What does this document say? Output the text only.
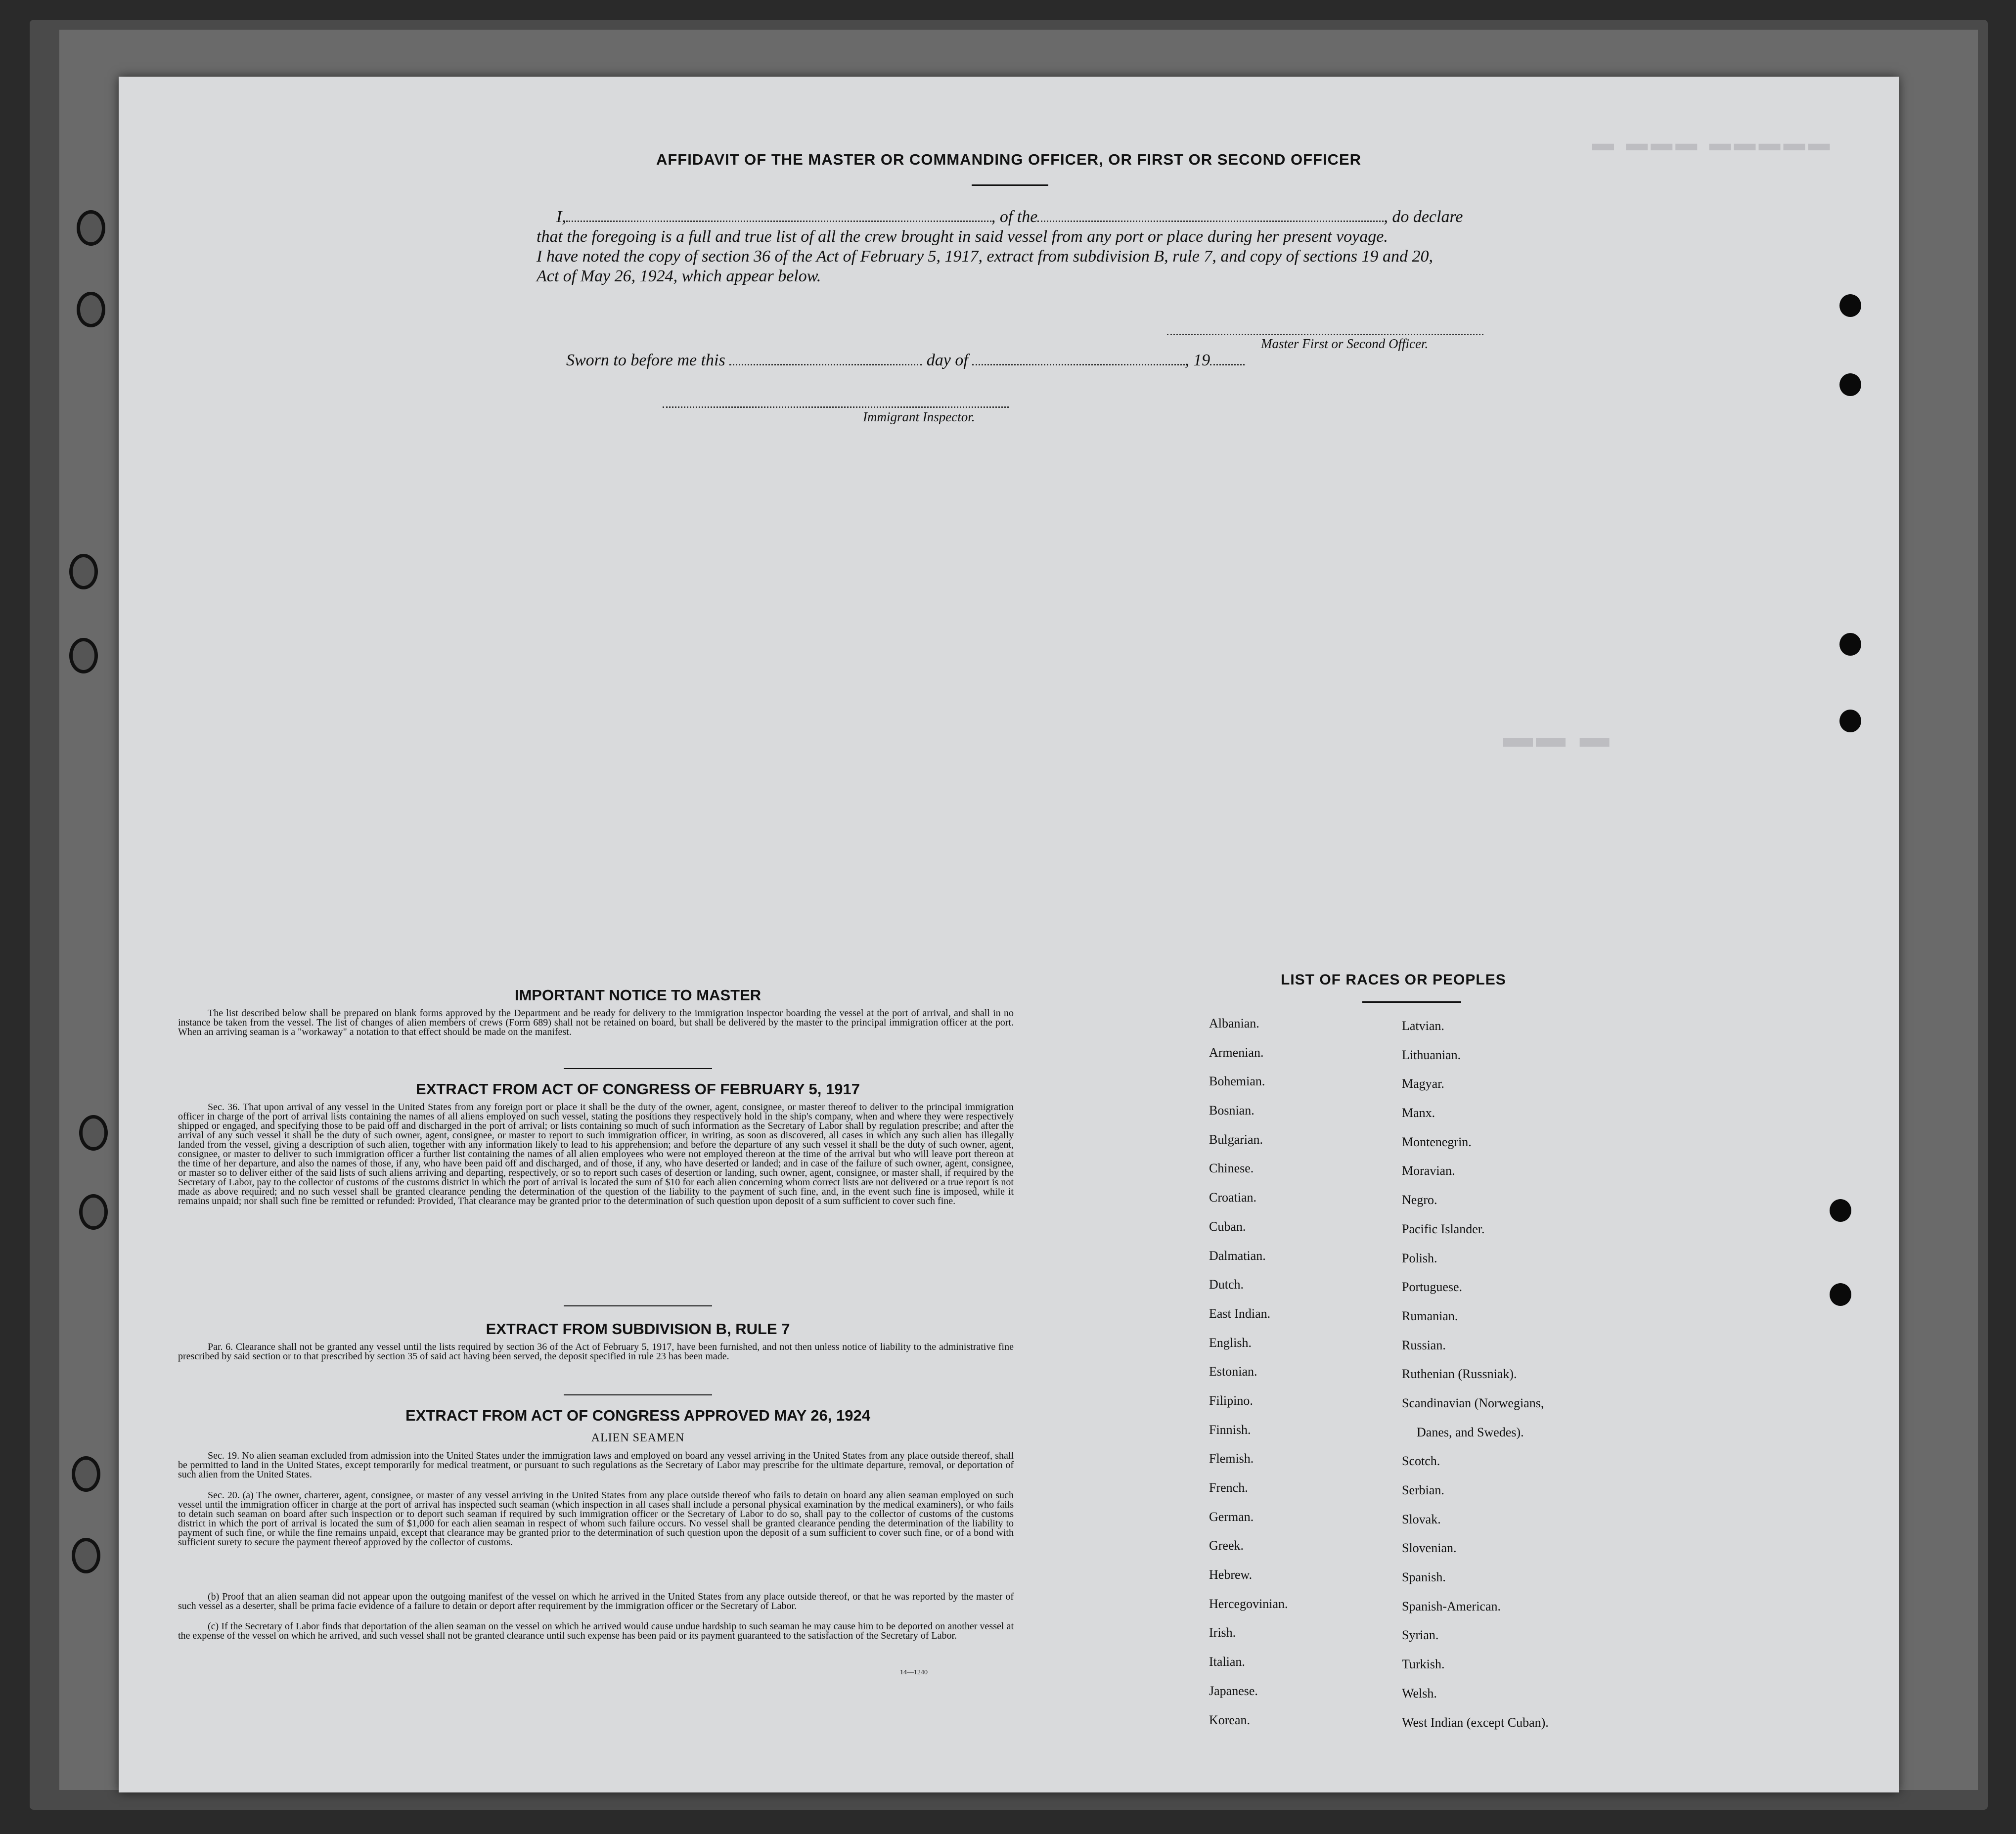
▬ ▬▬▬ ▬▬▬▬▬
▬▬ ▬
AFFIDAVIT OF THE MASTER OR COMMANDING OFFICER, OR FIRST OR SECOND OFFICER
I,	, of the	, do declare
that the foregoing is a full and true list of all the crew brought in said vessel from any port or place during her present voyage.
I have noted the copy of section 36 of the Act of February 5, 1917, extract from subdivision B, rule 7, and copy of sections 19 and 20,
Act of May 26, 1924, which appear below.
Master First or Second Officer.
Sworn to before me this	day of	, 19
Immigrant Inspector.
IMPORTANT NOTICE TO MASTER

The list described below shall be prepared on blank forms approved by the Department and be ready for delivery to the immigration inspector boarding the vessel at the port of arrival, and shall in no instance be taken from the vessel. The list of changes of alien members of crews (Form 689) shall not be retained on board, but shall be delivered by the master to the principal immigration officer at the port. When an arriving seaman is a "workaway" a notation to that effect should be made on the manifest.

EXTRACT FROM ACT OF CONGRESS OF FEBRUARY 5, 1917

Sec. 36. That upon arrival of any vessel in the United States from any foreign port or place it shall be the duty of the owner, agent, consignee, or master thereof to deliver to the principal immigration officer in charge of the port of arrival lists containing the names of all aliens employed on such vessel, stating the positions they respectively hold in the ship's company, when and where they were respectively shipped or engaged, and specifying those to be paid off and discharged in the port of arrival; or lists containing so much of such information as the Secretary of Labor shall by regulation prescribe; and after the arrival of any such vessel it shall be the duty of such owner, agent, consignee, or master to report to such immigration officer, in writing, as soon as discovered, all cases in which any such alien has illegally landed from the vessel, giving a description of such alien, together with any information likely to lead to his apprehension; and before the departure of any such vessel it shall be the duty of such owner, agent, consignee, or master to deliver to such immigration officer a further list containing the names of all alien employees who were not employed thereon at the time of the arrival but who will leave port thereon at the time of her departure, and also the names of those, if any, who have been paid off and discharged, and of those, if any, who have deserted or landed; and in case of the failure of such owner, agent, consignee, or master so to deliver either of the said lists of such aliens arriving and departing, respectively, or so to report such cases of desertion or landing, such owner, agent, consignee, or master shall, if required by the Secretary of Labor, pay to the collector of customs of the customs district in which the port of arrival is located the sum of $10 for each alien concerning whom correct lists are not delivered or a true report is not made as above required; and no such vessel shall be granted clearance pending the determination of the question of the liability to the payment of such fine, and, in the event such fine is imposed, while it remains unpaid; nor shall such fine be remitted or refunded: Provided, That clearance may be granted prior to the determination of such question upon deposit of a sum sufficient to cover such fine.

EXTRACT FROM SUBDIVISION B, RULE 7

Par. 6. Clearance shall not be granted any vessel until the lists required by section 36 of the Act of February 5, 1917, have been furnished, and not then unless notice of liability to the administrative fine prescribed by said section or to that prescribed by section 35 of said act having been served, the deposit specified in rule 23 has been made.

EXTRACT FROM ACT OF CONGRESS APPROVED MAY 26, 1924
ALIEN SEAMEN

Sec. 19. No alien seaman excluded from admission into the United States under the immigration laws and employed on board any vessel arriving in the United States from any place outside thereof, shall be permitted to land in the United States, except temporarily for medical treatment, or pursuant to such regulations as the Secretary of Labor may prescribe for the ultimate departure, removal, or deportation of such alien from the United States.

Sec. 20. (a) The owner, charterer, agent, consignee, or master of any vessel arriving in the United States from any place outside thereof who fails to detain on board any alien seaman employed on such vessel until the immigration officer in charge at the port of arrival has inspected such seaman (which inspection in all cases shall include a personal physical examination by the medical examiners), or who fails to detain such seaman on board after such inspection or to deport such seaman if required by such immigration officer or the Secretary of Labor to do so, shall pay to the collector of customs of the customs district in which the port of arrival is located the sum of $1,000 for each alien seaman in respect of whom such failure occurs. No vessel shall be granted clearance pending the determination of the liability to payment of such fine, or while the fine remains unpaid, except that clearance may be granted prior to the determination of such question upon the deposit of a sum sufficient to cover such fine, or of a bond with sufficient surety to secure the payment thereof approved by the collector of customs.

(b) Proof that an alien seaman did not appear upon the outgoing manifest of the vessel on which he arrived in the United States from any place outside thereof, or that he was reported by the master of such vessel as a deserter, shall be prima facie evidence of a failure to detain or deport after requirement by the immigration officer or the Secretary of Labor.

(c) If the Secretary of Labor finds that deportation of the alien seaman on the vessel on which he arrived would cause undue hardship to such seaman he may cause him to be deported on another vessel at the expense of the vessel on which he arrived, and such vessel shall not be granted clearance until such expense has been paid or its payment guaranteed to the satisfaction of the Secretary of Labor.

14—1240
LIST OF RACES OR PEOPLES
Albanian.
Armenian.
Bohemian.
Bosnian.
Bulgarian.
Chinese.
Croatian.
Cuban.
Dalmatian.
Dutch.
East Indian.
English.
Estonian.
Filipino.
Finnish.
Flemish.
French.
German.
Greek.
Hebrew.
Hercegovinian.
Irish.
Italian.
Japanese.
Korean.
Latvian.
Lithuanian.
Magyar.
Manx.
Montenegrin.
Moravian.
Negro.
Pacific Islander.
Polish.
Portuguese.
Rumanian.
Russian.
Ruthenian (Russniak).
Scandinavian (Norwegians,
Danes, and Swedes).
Scotch.
Serbian.
Slovak.
Slovenian.
Spanish.
Spanish-American.
Syrian.
Turkish.
Welsh.
West Indian (except Cuban).
